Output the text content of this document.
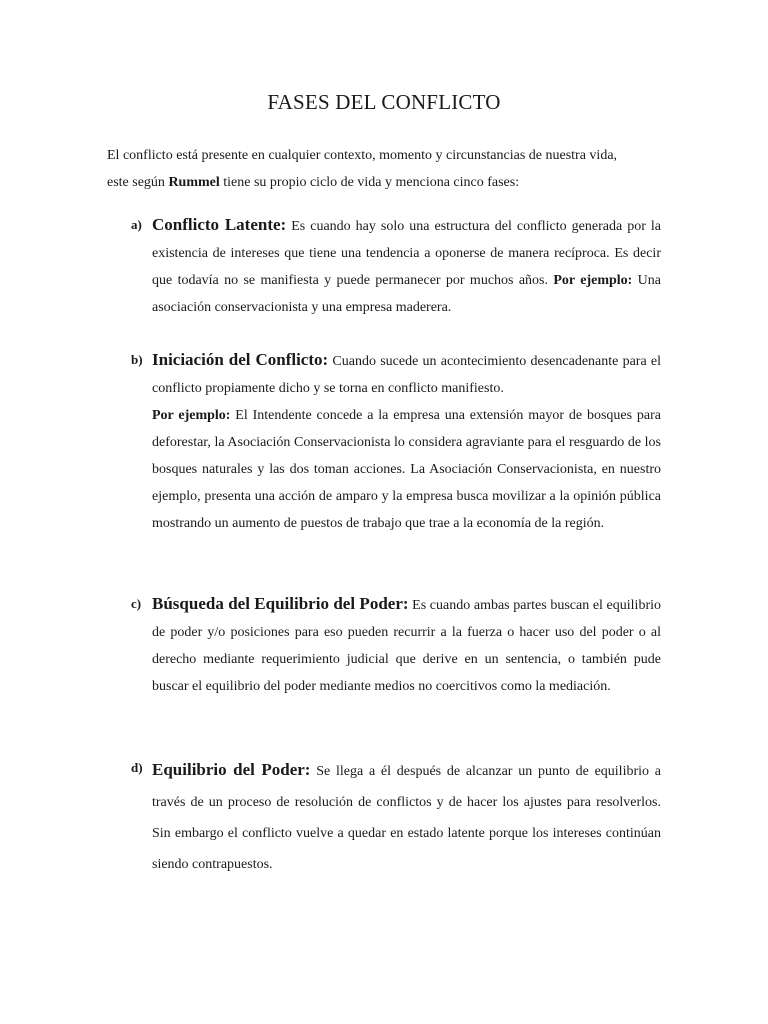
FASES DEL CONFLICTO
El conflicto está presente en cualquier contexto, momento y circunstancias de nuestra vida,
este según Rummel tiene su propio ciclo de vida y menciona cinco fases:
a) Conflicto Latente: Es cuando hay solo una estructura del conflicto generada por la existencia de intereses que tiene una tendencia a oponerse de manera recíproca. Es decir que todavía no se manifiesta y puede permanecer por muchos años. Por ejemplo: Una asociación conservacionista y una empresa maderera.
b) Iniciación del Conflicto: Cuando sucede un acontecimiento desencadenante para el conflicto propiamente dicho y se torna en conflicto manifiesto.

Por ejemplo: El Intendente concede a la empresa una extensión mayor de bosques para deforestar, la Asociación Conservacionista lo considera agraviante para el resguardo de los bosques naturales y las dos toman acciones. La Asociación Conservacionista, en nuestro ejemplo, presenta una acción de amparo y la empresa busca movilizar a la opinión pública mostrando un aumento de puestos de trabajo que trae a la economía de la región.

c) Búsqueda del Equilibrio del Poder: Es cuando ambas partes buscan el equilibrio de poder y/o posiciones para eso pueden recurrir a la fuerza o hacer uso del poder o al derecho mediante requerimiento judicial que derive en un sentencia, o también pude buscar el equilibrio del poder mediante medios no coercitivos como la mediación.
d) Equilibrio del Poder: Se llega a él después de alcanzar un punto de equilibrio a través de un proceso de resolución de conflictos y de hacer los ajustes para resolverlos. Sin embargo el conflicto vuelve a quedar en estado latente porque los intereses continúan siendo contrapuestos.
